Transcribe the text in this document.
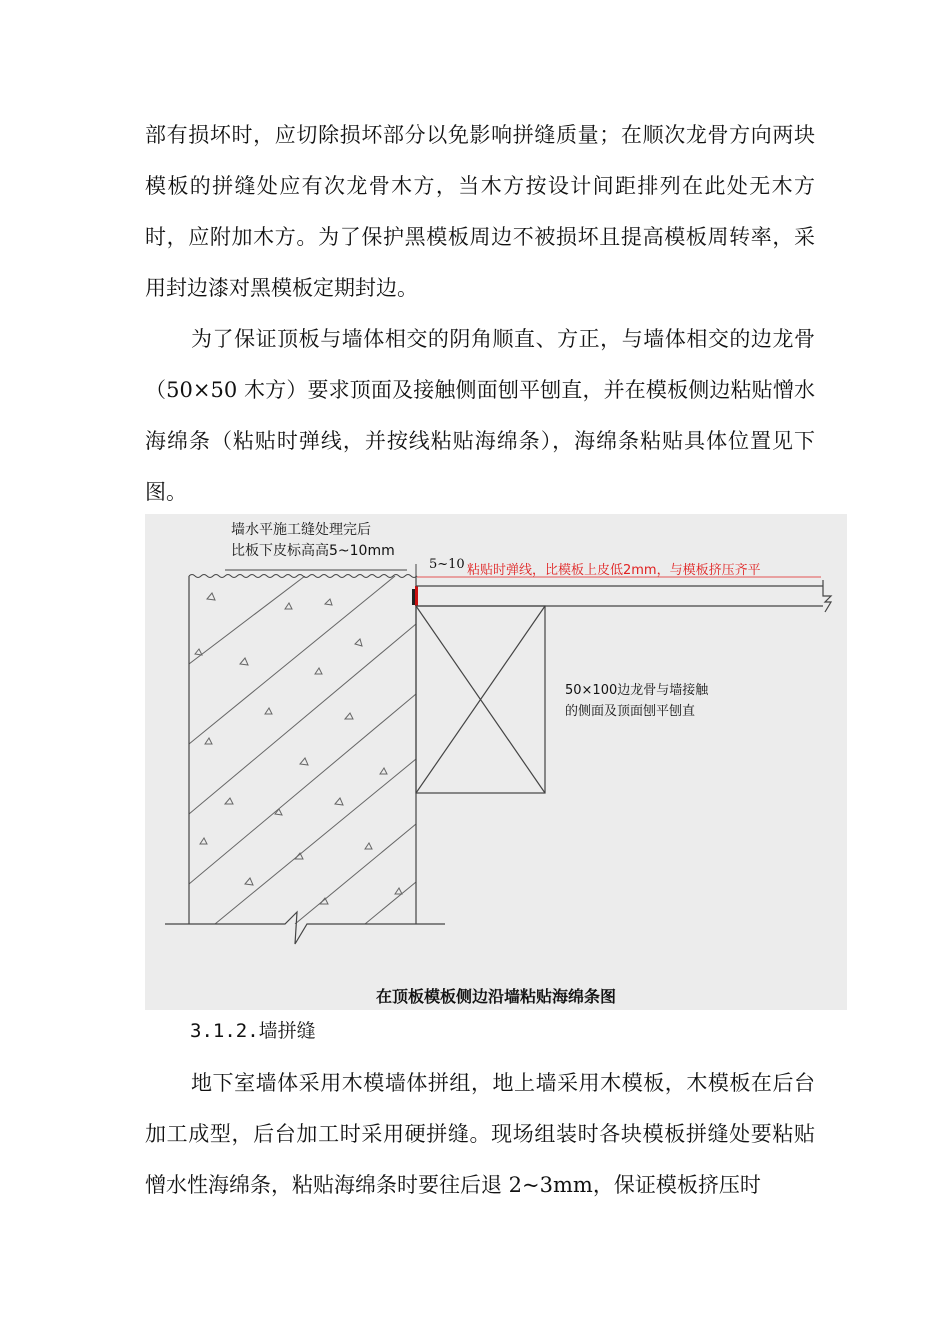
部有损坏时，应切除损坏部分以免影响拼缝质量；在顺次龙骨方向两块模板的拼缝处应有次龙骨木方，当木方按设计间距排列在此处无木方时，应附加木方。为了保护黑模板周边不被损坏且提高模板周转率，采用封边漆对黑模板定期封边。

为了保证顶板与墙体相交的阴角顺直、方正，与墙体相交的边龙骨（50×50 木方）要求顶面及接触侧面刨平刨直，并在模板侧边粘贴憎水海绵条（粘贴时弹线，并按线粘贴海绵条），海绵条粘贴具体位置见下图。

墙水平施工缝处理完后
比板下皮标高高5~10mm
5~10 粘贴时弹线，比模板上皮低2mm，与模板挤压齐平
50×100边龙骨与墙接触
的侧面及顶面刨平刨直
在顶板模板侧边沿墙粘贴海绵条图

3.1.2.墙拼缝

地下室墙体采用木模墙体拼组，地上墙采用木模板，木模板在后台加工成型，后台加工时采用硬拼缝。现场组装时各块模板拼缝处要粘贴憎水性海绵条，粘贴海绵条时要往后退 2~3mm，保证模板挤压时
